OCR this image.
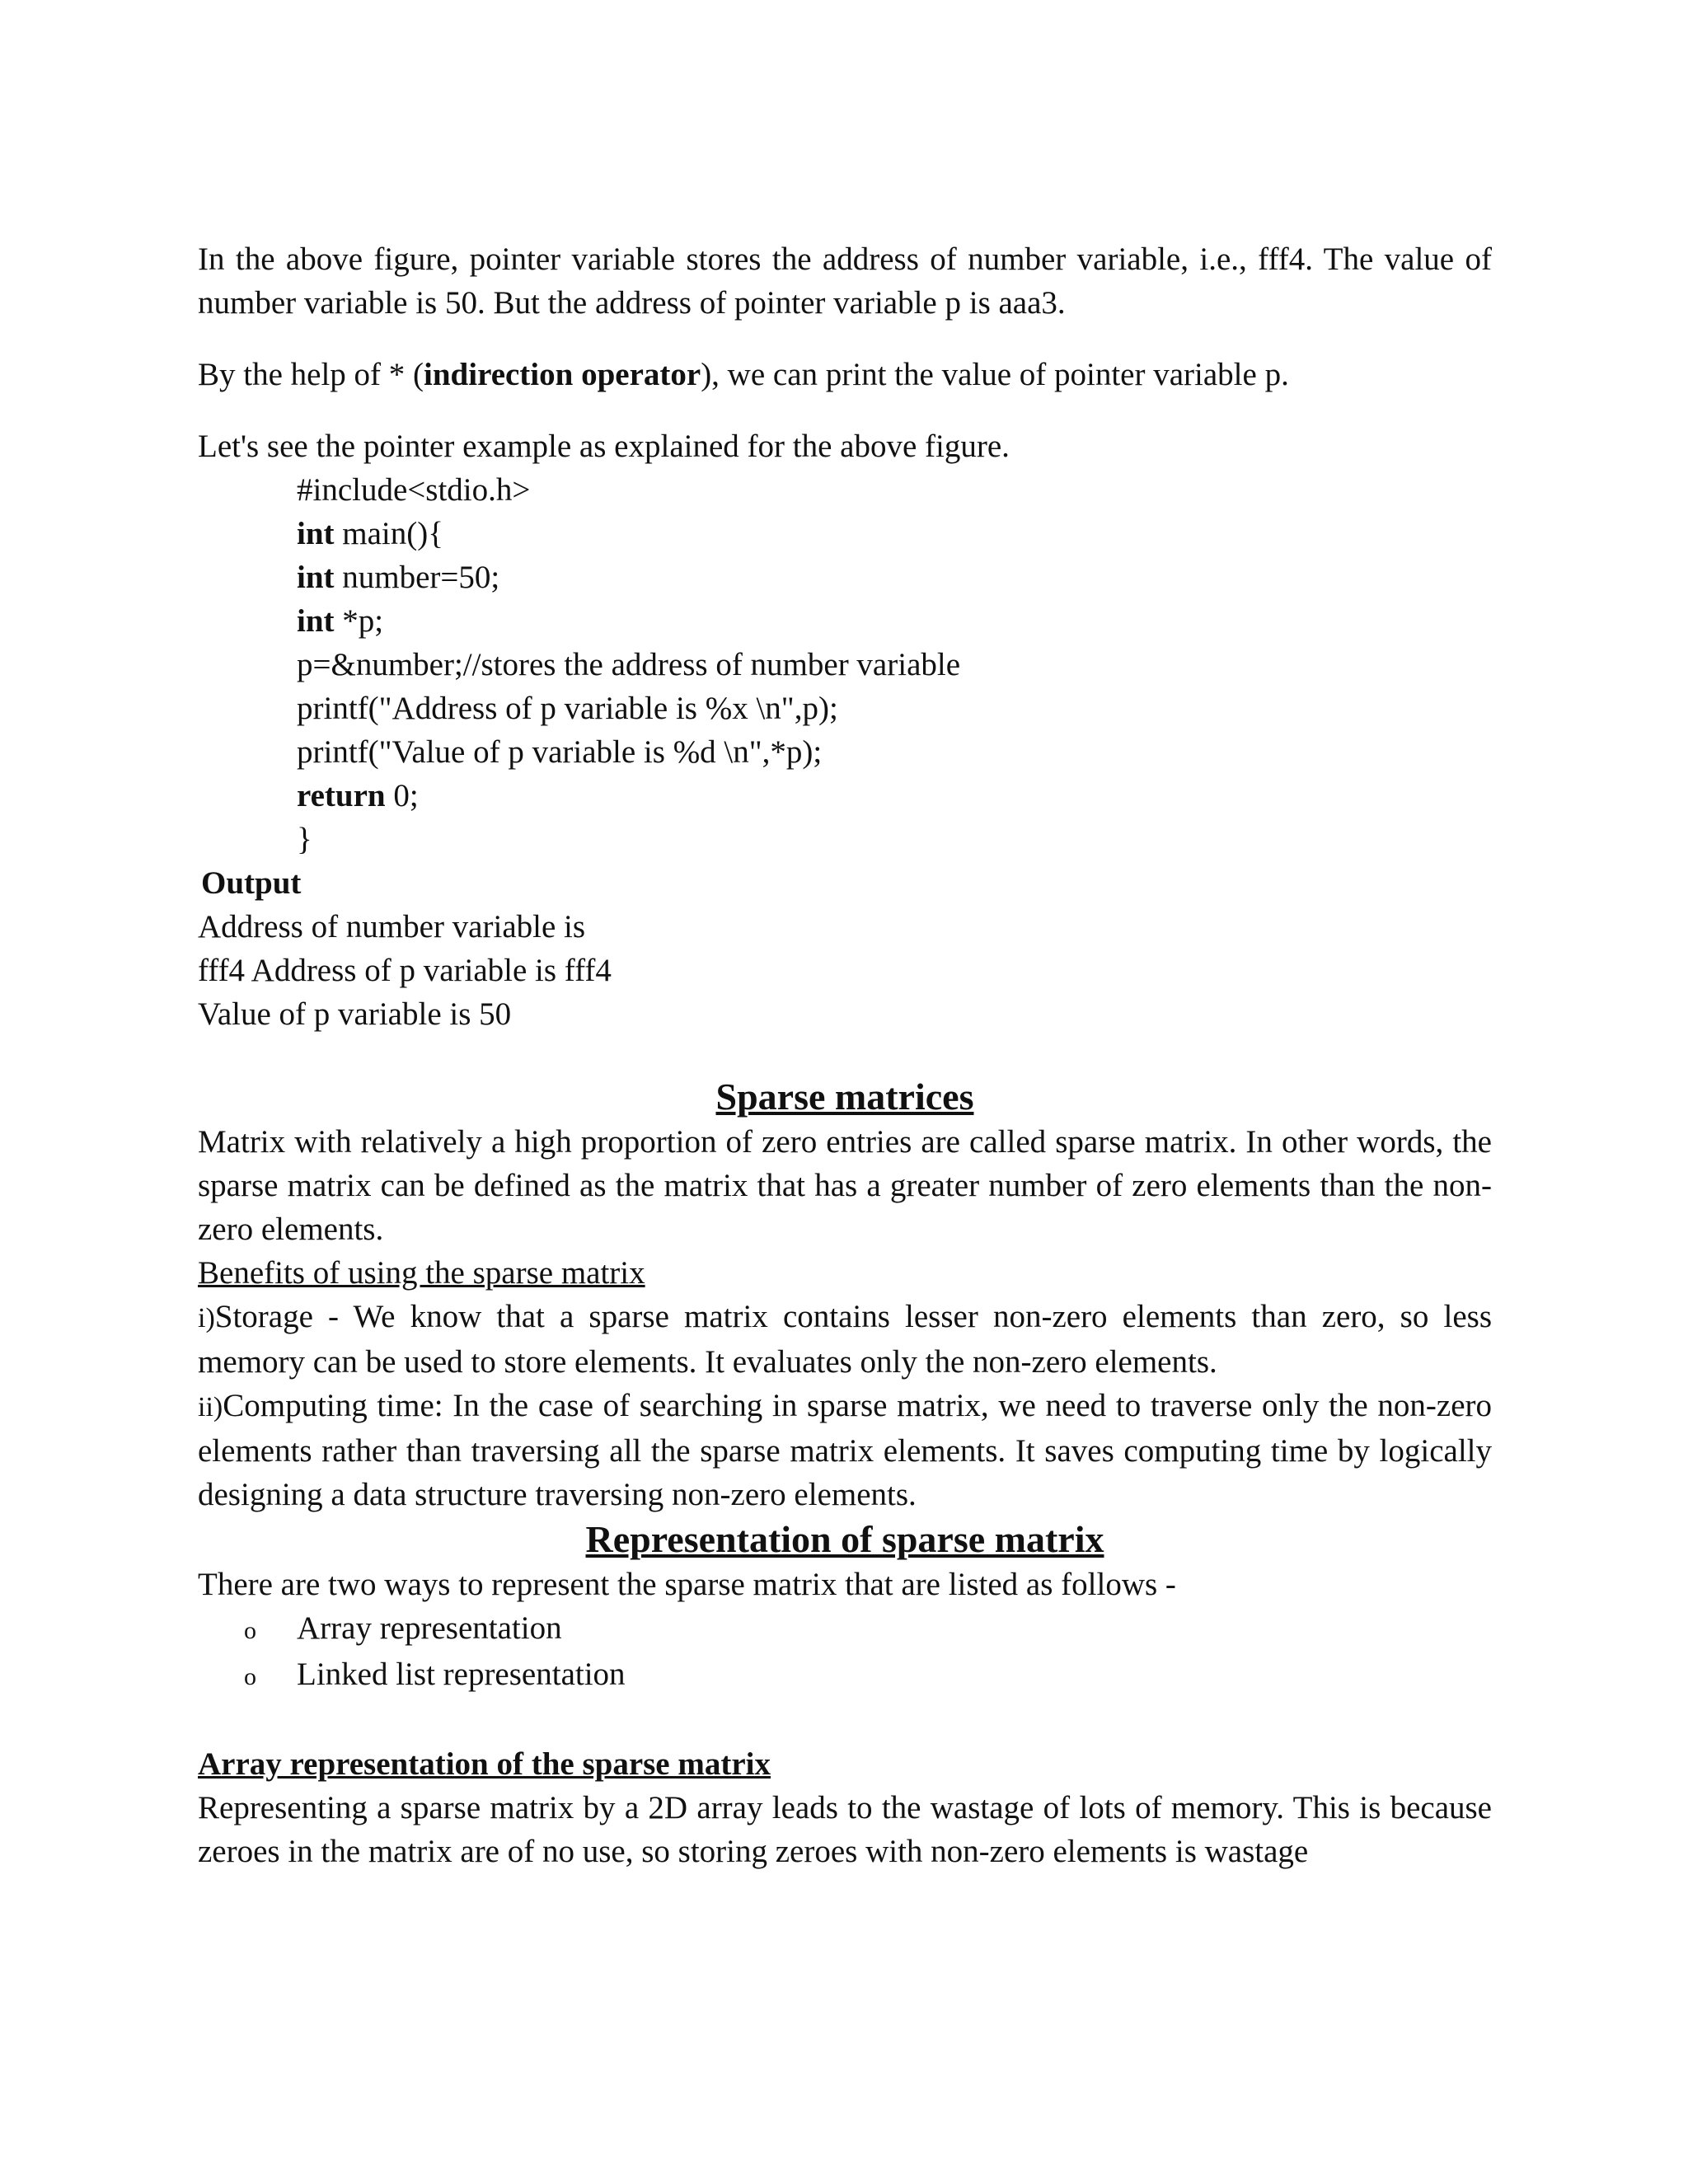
In the above figure, pointer variable stores the address of number variable, i.e., fff4. The value of number variable is 50. But the address of pointer variable p is aaa3.

By the help of * (indirection operator), we can print the value of pointer variable p.

Let's see the pointer example as explained for the above figure.

#include<stdio.h>
int main(){
int number=50;
int *p;
p=&number;//stores the address of number variable
printf("Address of p variable is %x \n",p);
printf("Value of p variable is %d \n",*p);
return 0;
}

Output

Address of number variable is

fff4 Address of p variable is fff4

Value of p variable is 50

Sparse matrices

Matrix with relatively a high proportion of zero entries are called sparse matrix. In other words, the sparse matrix can be defined as the matrix that has a greater number of zero elements than the non-zero elements.

Benefits of using the sparse matrix

i)Storage - We know that a sparse matrix contains lesser non-zero elements than zero, so less memory can be used to store elements. It evaluates only the non-zero elements.

ii)Computing time: In the case of searching in sparse matrix, we need to traverse only the non-zero elements rather than traversing all the sparse matrix elements. It saves computing time by logically designing a data structure traversing non-zero elements.

Representation of sparse matrix

There are two ways to represent the sparse matrix that are listed as follows -

o	Array representation
o	Linked list representation

Array representation of the sparse matrix

Representing a sparse matrix by a 2D array leads to the wastage of lots of memory. This is because zeroes in the matrix are of no use, so storing zeroes with non-zero elements is wastage
